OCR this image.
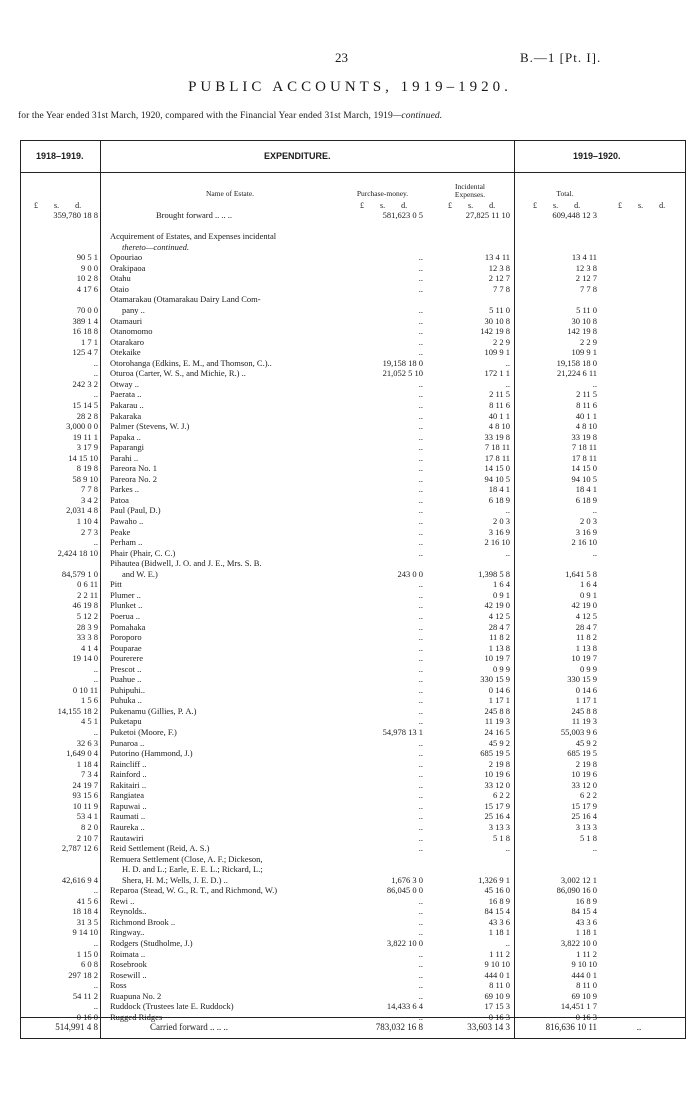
23	B.—1 [Pt. I].
PUBLIC ACCOUNTS, 1919–1920.
for the Year ended 31st March, 1920, compared with the Financial Year ended 31st March, 1919—continued.
1918–1919.	EXPENDITURE.	1919–1920.
Name of Estate.	Purchase-money.
Incidental Expenses.	Total.
£ s. d.	£ s. d.	£ s. d.	£ s. d.	£ s. d.
359,780 18 8	Brought forward .. .. ..	581,623 0 5	27,825 11 10	609,448 12 3
Acquirement of Estates, and Expenses incidental
thereto—continued.
90 5 1 Opouriao	..	13 4 11	13 4 11
9 0 0 Orakipaoa	..	12 3 8	12 3 8
10 2 8 Otahu	..	2 12 7	2 12 7
4 17 6 Otaio	..	7 7 8	7 7 8
Otamarakau (Otamarakau Dairy Land Com-
70 0 0	pany ..	..	5 11 0	5 11 0
389 1 4 Otamauri	..	30 10 8	30 10 8
16 18 8 Otanomomo	..	142 19 8	142 19 8
1 7 1 Otarakaro	..	2 2 9	2 2 9
125 4 7 Otekaike	..	109 9 1	109 9 1
.. Otorohanga (Edkins, E. M., and Thomson, C.)..	19,158 18 0	..	19,158 18 0
.. Oturoa (Carter, W. S., and Michie, R.) ..	21,052 5 10	172 1 1	21,224 6 11
242 3 2 Otway ..	..	..	..
.. Paerata ..	..	2 11 5	2 11 5
15 14 5 Pakarau ..	..	8 11 6	8 11 6
28 2 8 Pakaraka	..	40 1 1	40 1 1
3,000 0 0 Palmer (Stevens, W. J.)	..	4 8 10	4 8 10
19 11 1 Papaka ..	..	33 19 8	33 19 8
3 17 9 Paparangi	..	7 18 11	7 18 11
14 15 10 Parahi ..	..	17 8 11	17 8 11
8 19 8 Pareora No. 1	..	14 15 0	14 15 0
58 9 10 Pareora No. 2	..	94 10 5	94 10 5
7 7 8 Parkes ..	..	18 4 1	18 4 1
3 4 2 Patoa	..	6 18 9	6 18 9
2,031 4 8 Paul (Paul, D.)	..	..	..
1 10 4 Pawaho ..	..	2 0 3	2 0 3
2 7 3 Peake	..	3 16 9	3 16 9
.. Perham ..	..	2 16 10	2 16 10
2,424 18 10 Phair (Phair, C. C.)	..	..	..
Pihautea (Bidwell, J. O. and J. E., Mrs. S. B.
84,579 1 0	and W. E.)	243 0 0	1,398 5 8	1,641 5 8
0 6 11 Pitt	..	1 6 4	1 6 4
2 2 11 Plumer ..	..	0 9 1	0 9 1
46 19 8 Plunket ..	..	42 19 0	42 19 0
5 12 2 Poerua ..	..	4 12 5	4 12 5
28 3 9 Pomahaka	..	28 4 7	28 4 7
33 3 8 Poroporo	..	11 8 2	11 8 2
4 1 4 Pouparae	..	1 13 8	1 13 8
19 14 0 Pourerere	..	10 19 7	10 19 7
.. Prescot ..	..	0 9 9	0 9 9
.. Puahue ..	..	330 15 9	330 15 9
0 10 11 Puhipuhi..	..	0 14 6	0 14 6
1 5 6 Puhuka ..	..	1 17 1	1 17 1
14,155 18 2 Pukenamu (Gillies, P. A.)	..	245 8 8	245 8 8
4 5 1 Puketapu	..	11 19 3	11 19 3
.. Puketoi (Moore, F.)	54,978 13 1	24 16 5	55,003 9 6
32 6 3 Punaroa ..	..	45 9 2	45 9 2
1,649 0 4 Putorino (Hammond, J.)	..	685 19 5	685 19 5
1 18 4 Raincliff ..	..	2 19 8	2 19 8
7 3 4 Rainford ..	..	10 19 6	10 19 6
24 19 7 Rakitairi ..	..	33 12 0	33 12 0
93 15 6 Rangiatea	..	6 2 2	6 2 2
10 11 9 Rapuwai ..	..	15 17 9	15 17 9
53 4 1 Raumati ..	..	25 16 4	25 16 4
8 2 0 Raureka ..	..	3 13 3	3 13 3
2 10 7 Rautawiri	..	5 1 8	5 1 8
2,787 12 6 Reid Settlement (Reid, A. S.)	..	..	..
Remuera Settlement (Close, A. F.; Dickeson,
H. D. and L.; Earle, E. E. L.; Rickard, L.;
42,616 9 4	Shera, H. M.; Wells, J. E. D.) ..	1,676 3 0	1,326 9 1	3,002 12 1
.. Reparoa (Stead, W. G., R. T., and Richmond, W.)	86,045 0 0	45 16 0	86,090 16 0
41 5 6 Rewi ..	..	16 8 9	16 8 9
18 18 4 Reynolds..	..	84 15 4	84 15 4
31 3 5 Richmond Brook ..	..	43 3 6	43 3 6
9 14 10 Ringway..	..	1 18 1	1 18 1
.. Rodgers (Studholme, J.)	3,822 10 0	..	3,822 10 0
1 15 0 Roimata ..	..	1 11 2	1 11 2
6 0 8 Rosebrook	..	9 10 10	9 10 10
297 18 2 Rosewill ..	..	444 0 1	444 0 1
.. Ross	..	8 11 0	8 11 0
54 11 2 Ruapuna No. 2	..	69 10 9	69 10 9
.. Ruddock (Trustees late E. Ruddock)	14,433 6 4	17 15 3	14,451 1 7
0 16 0 Rugged Ridges	..	0 16 3	0 16 3
514,991 4 8	Carried forward .. .. ..	783,032 16 8	33,603 14 3	816,636 10 11	..
